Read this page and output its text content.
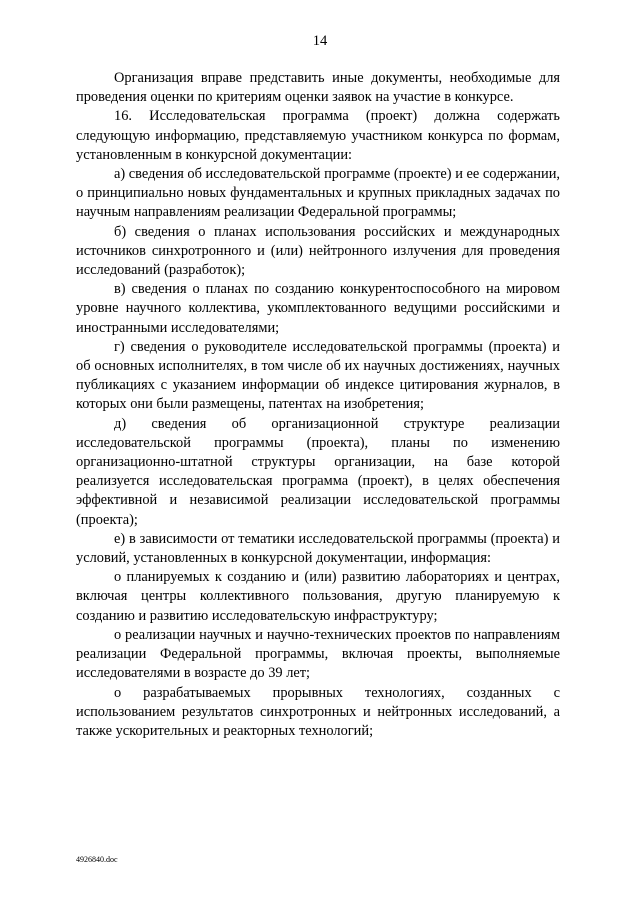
14

Организация вправе представить иные документы, необходимые для проведения оценки по критериям оценки заявок на участие в конкурсе.

16. Исследовательская программа (проект) должна содержать следующую информацию, представляемую участником конкурса по формам, установленным в конкурсной документации:

а) сведения об исследовательской программе (проекте) и ее содержании, о принципиально новых фундаментальных и крупных прикладных задачах по научным направлениям реализации Федеральной программы;

б) сведения о планах использования российских и международных источников синхротронного и (или) нейтронного излучения для проведения исследований (разработок);

в) сведения о планах по созданию конкурентоспособного на мировом уровне научного коллектива, укомплектованного ведущими российскими и иностранными исследователями;

г) сведения о руководителе исследовательской программы (проекта) и об основных исполнителях, в том числе об их научных достижениях, научных публикациях с указанием информации об индексе цитирования журналов, в которых они были размещены, патентах на изобретения;

д) сведения об организационной структуре реализации исследовательской программы (проекта), планы по изменению организационно-штатной структуры организации, на базе которой реализуется исследовательская программа (проект), в целях обеспечения эффективной и независимой реализации исследовательской программы (проекта);

е) в зависимости от тематики исследовательской программы (проекта) и условий, установленных в конкурсной документации, информация:

о планируемых к созданию и (или) развитию лабораториях и центрах, включая центры коллективного пользования, другую планируемую к созданию и развитию исследовательскую инфраструктуру;

о реализации научных и научно-технических проектов по направлениям реализации Федеральной программы, включая проекты, выполняемые исследователями в возрасте до 39 лет;

о разрабатываемых прорывных технологиях, созданных с использованием результатов синхротронных и нейтронных исследований, а также ускорительных и реакторных технологий;

4926840.doc
